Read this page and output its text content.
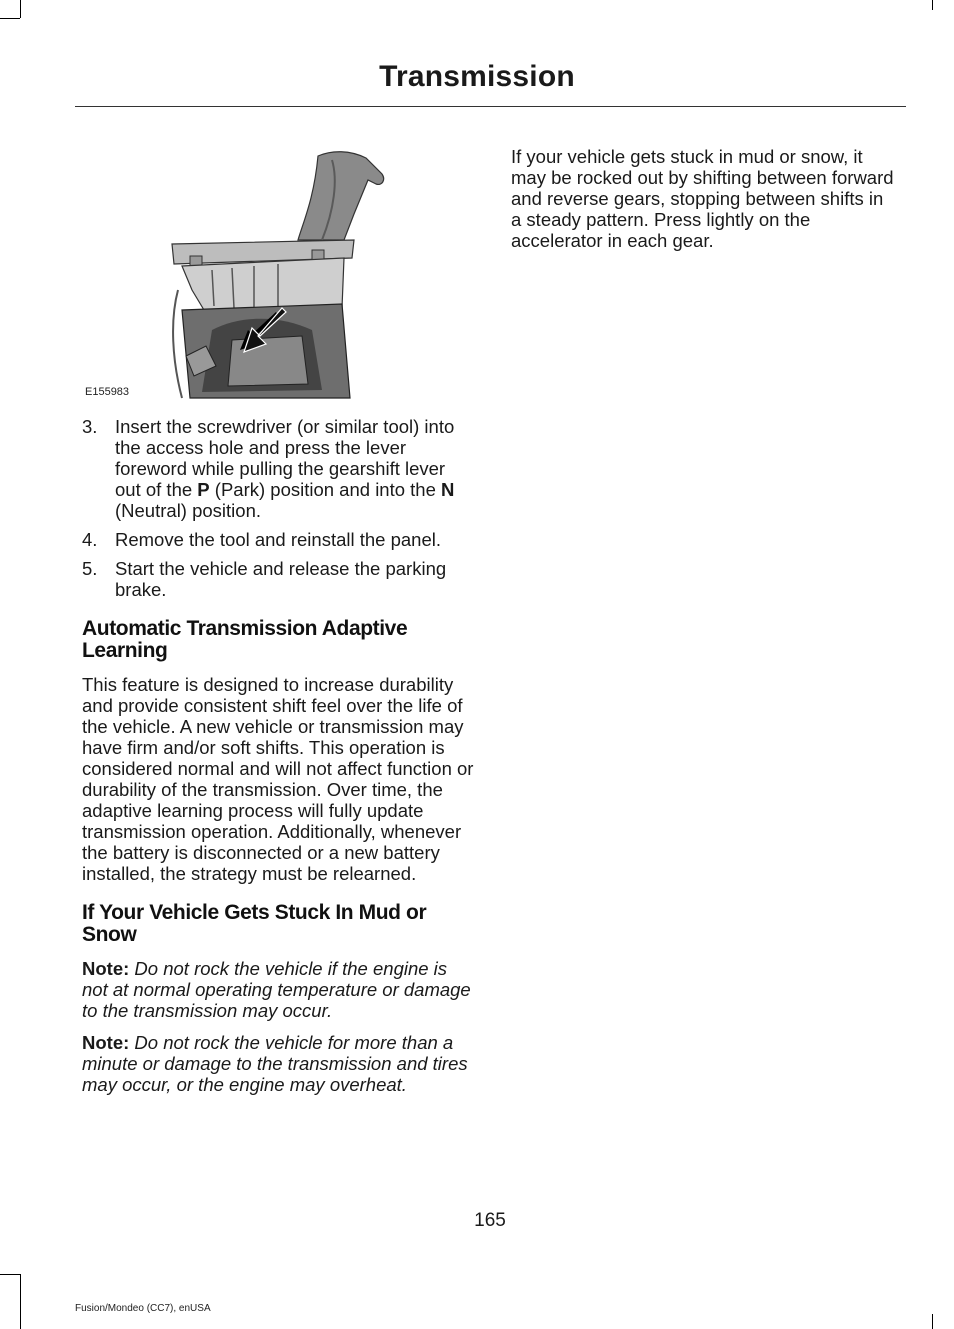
Transmission
E155983
3. Insert the screwdriver (or similar tool) into the access hole and press the lever foreword while pulling the gearshift lever out of the P (Park) position and into the N (Neutral) position.
4. Remove the tool and reinstall the panel.
5. Start the vehicle and release the parking brake.
Automatic Transmission Adaptive Learning

This feature is designed to increase durability and provide consistent shift feel over the life of the vehicle. A new vehicle or transmission may have firm and/or soft shifts. This operation is considered normal and will not affect function or durability of the transmission. Over time, the adaptive learning process will fully update transmission operation. Additionally, whenever the battery is disconnected or a new battery installed, the strategy must be relearned.

If Your Vehicle Gets Stuck In Mud or Snow

Note: Do not rock the vehicle if the engine is not at normal operating temperature or damage to the transmission may occur.

Note: Do not rock the vehicle for more than a minute or damage to the transmission and tires may occur, or the engine may overheat.

If your vehicle gets stuck in mud or snow, it may be rocked out by shifting between forward and reverse gears, stopping between shifts in a steady pattern. Press lightly on the accelerator in each gear.

165
Fusion/Mondeo (CC7), enUSA
